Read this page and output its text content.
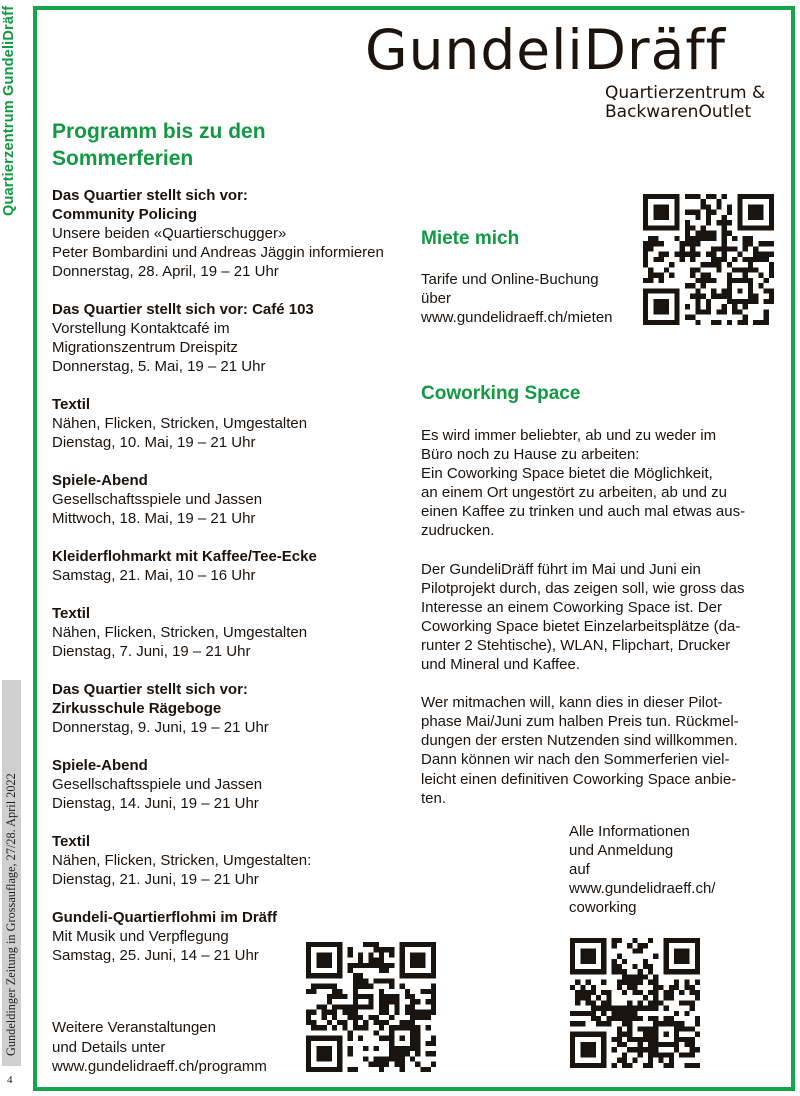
Quartierzentrum GundeliDräff
Gundeldinger Zeitung in Grossauflage, 27/28. April 2022
4
GundeliDräff
Quartierzentrum &
BackwarenOutlet
Programm bis zu den
Sommerferien
Das Quartier stellt sich vor:
Community Policing
Unsere beiden «Quartierschugger»
Peter Bombardini und Andreas Jäggin informieren
Donnerstag, 28. April, 19 – 21 Uhr
Das Quartier stellt sich vor: Café 103
Vorstellung Kontaktcafé im
Migrationszentrum Dreispitz
Donnerstag, 5. Mai, 19 – 21 Uhr
Textil
Nähen, Flicken, Stricken, Umgestalten
Dienstag, 10. Mai, 19 – 21 Uhr
Spiele-Abend
Gesellschaftsspiele und Jassen
Mittwoch, 18. Mai, 19 – 21 Uhr
Kleiderflohmarkt mit Kaffee/Tee-Ecke
Samstag, 21. Mai, 10 – 16 Uhr
Textil
Nähen, Flicken, Stricken, Umgestalten
Dienstag, 7. Juni, 19 – 21 Uhr
Das Quartier stellt sich vor:
Zirkusschule Rägeboge
Donnerstag, 9. Juni, 19 – 21 Uhr
Spiele-Abend
Gesellschaftsspiele und Jassen
Dienstag, 14. Juni, 19 – 21 Uhr
Textil
Nähen, Flicken, Stricken, Umgestalten:
Dienstag, 21. Juni, 19 – 21 Uhr
Gundeli-Quartierflohmi im Dräff
Mit Musik und Verpflegung
Samstag, 25. Juni, 14 – 21 Uhr
Weitere Veranstaltungen
und Details unter
www.gundelidraeff.ch/programm
Miete mich
Tarife und Online-Buchung
über
www.gundelidraeff.ch/mieten
Coworking Space
Es wird immer beliebter, ab und zu weder im
Büro noch zu Hause zu arbeiten:
Ein Coworking Space bietet die Möglichkeit,
an einem Ort ungestört zu arbeiten, ab und zu
einen Kaffee zu trinken und auch mal etwas aus-
zudrucken.
Der GundeliDräff führt im Mai und Juni ein
Pilotprojekt durch, das zeigen soll, wie gross das
Interesse an einem Coworking Space ist. Der
Coworking Space bietet Einzelarbeitsplätze (da-
runter 2 Stehtische), WLAN, Flipchart, Drucker
und Mineral und Kaffee.
Wer mitmachen will, kann dies in dieser Pilot-
phase Mai/Juni zum halben Preis tun. Rückmel-
dungen der ersten Nutzenden sind willkommen.
Dann können wir nach den Sommerferien viel-
leicht einen definitiven Coworking Space anbie-
ten.
Alle Informationen
und Anmeldung
auf
www.gundelidraeff.ch/
coworking
